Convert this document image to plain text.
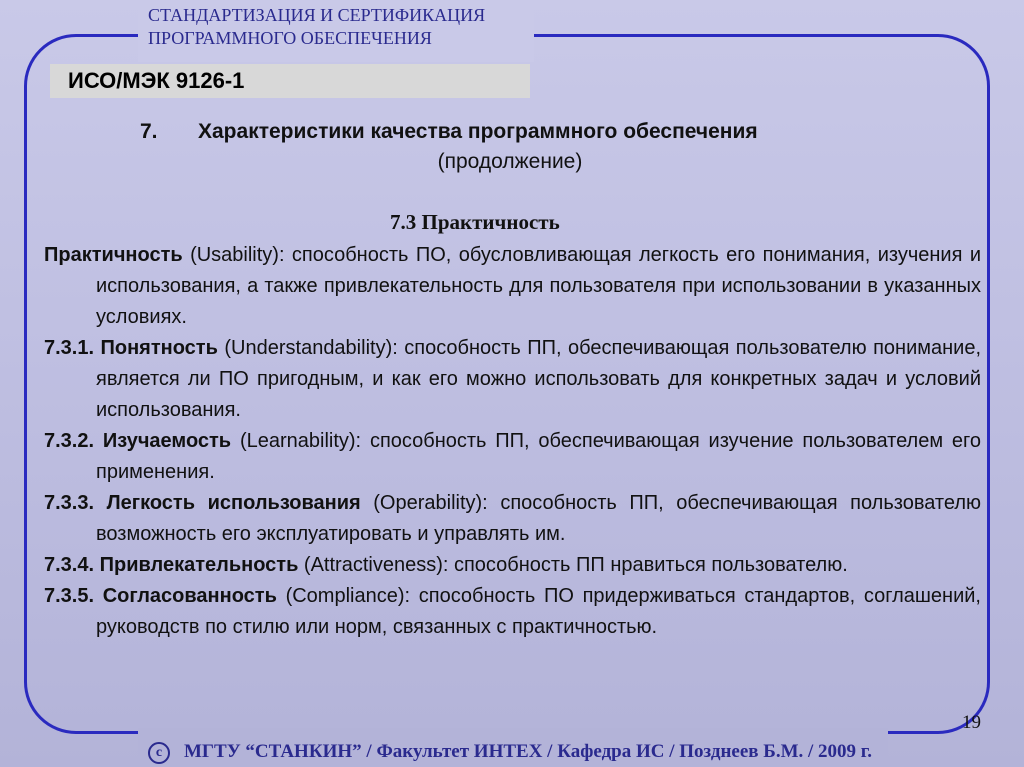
СТАНДАРТИЗАЦИЯ И СЕРТИФИКАЦИЯ
ПРОГРАММНОГО ОБЕСПЕЧЕНИЯ
ИСО/МЭК 9126-1
7. Характеристики качества программного обеспечения
(продолжение)
7.3 Практичность

Практичность (Usability): способность ПО, обусловливающая легкость его понимания, изучения и использования, а также привлекательность для пользователя при использовании в указанных условиях.

7.3.1. Понятность (Understandability): способность ПП, обеспечивающая пользователю понимание, является ли ПО пригодным, и как его можно использовать для конкретных задач и условий использования.

7.3.2. Изучаемость (Learnability): способность ПП, обеспечивающая изучение пользователем его применения.

7.3.3. Легкость использования (Operability): способность ПП, обеспечивающая пользователю возможность его эксплуатировать и управлять им.

7.3.4. Привлекательность (Attractiveness): способность ПП нравиться пользователю.

7.3.5. Согласованность (Compliance): способность ПО придерживаться стандартов, соглашений, руководств по стилю или норм, связанных с практичностью.

19
c	МГТУ “СТАНКИН” / Факультет ИНТЕХ / Кафедра ИС / Позднеев Б.М. / 2009 г.
